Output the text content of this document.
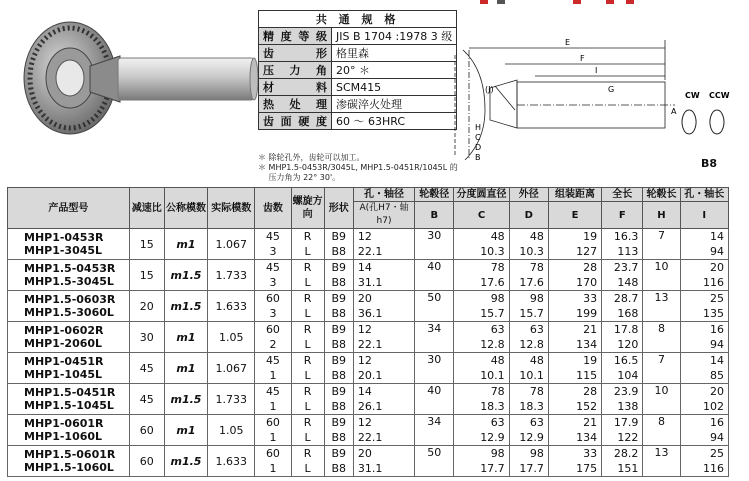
共 通 规 格	
精度等级	JIS B 1704 :1978 3 级
齿形	格里森
压力角	20° ＊
材料	SCM415
热处理	渗碳淬火处理
齿面硬度	60 ～ 63HRC
＊ 除轮孔外，齿轮可以加工。
＊ MHP1.5-0453R/3045L, MHP1.5-0451R/1045L 的
　 压力角为 22° 30'。
E
F
I
G
(J)
A
H
C
D
B
CW CCW
B8
产品型号	减速比	公称模数	实际模数	齿数	螺旋方向	形状	孔・轴径	轮毂径	分度圆直径	外径	组装距离	全长	轮毂长	孔・轴长
							A(孔H7・轴h7)	B	C	D	E	F	H	I

MHP1-0453R
MHP1-3045L	15	m1	1.067	45	R	B9	12	30	48	48	19	16.3	7	14
				3	L	B8	22.1		10.3	10.3	127	113		94

MHP1.5-0453R
MHP1.5-3045L	15	m1.5	1.733	45	R	B9	14	40	78	78	28	23.7	10	20
				3	L	B8	31.1		17.6	17.6	170	148		116

MHP1.5-0603R
MHP1.5-3060L	20	m1.5	1.633	60	R	B9	20	50	98	98	33	28.7	13	25
				3	L	B8	36.1		15.7	15.7	199	168		135

MHP1-0602R
MHP1-2060L	30	m1	1.05	60	R	B9	12	34	63	63	21	17.8	8	16
				2	L	B8	22.1		12.8	12.8	134	120		94

MHP1-0451R
MHP1-1045L	45	m1	1.067	45	R	B9	12	30	48	48	19	16.5	7	14
				1	L	B8	20.1		10.1	10.1	115	104		85

MHP1.5-0451R
MHP1.5-1045L	45	m1.5	1.733	45	R	B9	14	40	78	78	28	23.9	10	20
				1	L	B8	26.1		18.3	18.3	152	138		102

MHP1-0601R
MHP1-1060L	60	m1	1.05	60	R	B9	12	34	63	63	21	17.9	8	16
				1	L	B8	22.1		12.9	12.9	134	122		94

MHP1.5-0601R
MHP1.5-1060L	60	m1.5	1.633	60	R	B9	20	50	98	98	33	28.2	13	25
				1	L	B8	31.1		17.7	17.7	175	151		116
